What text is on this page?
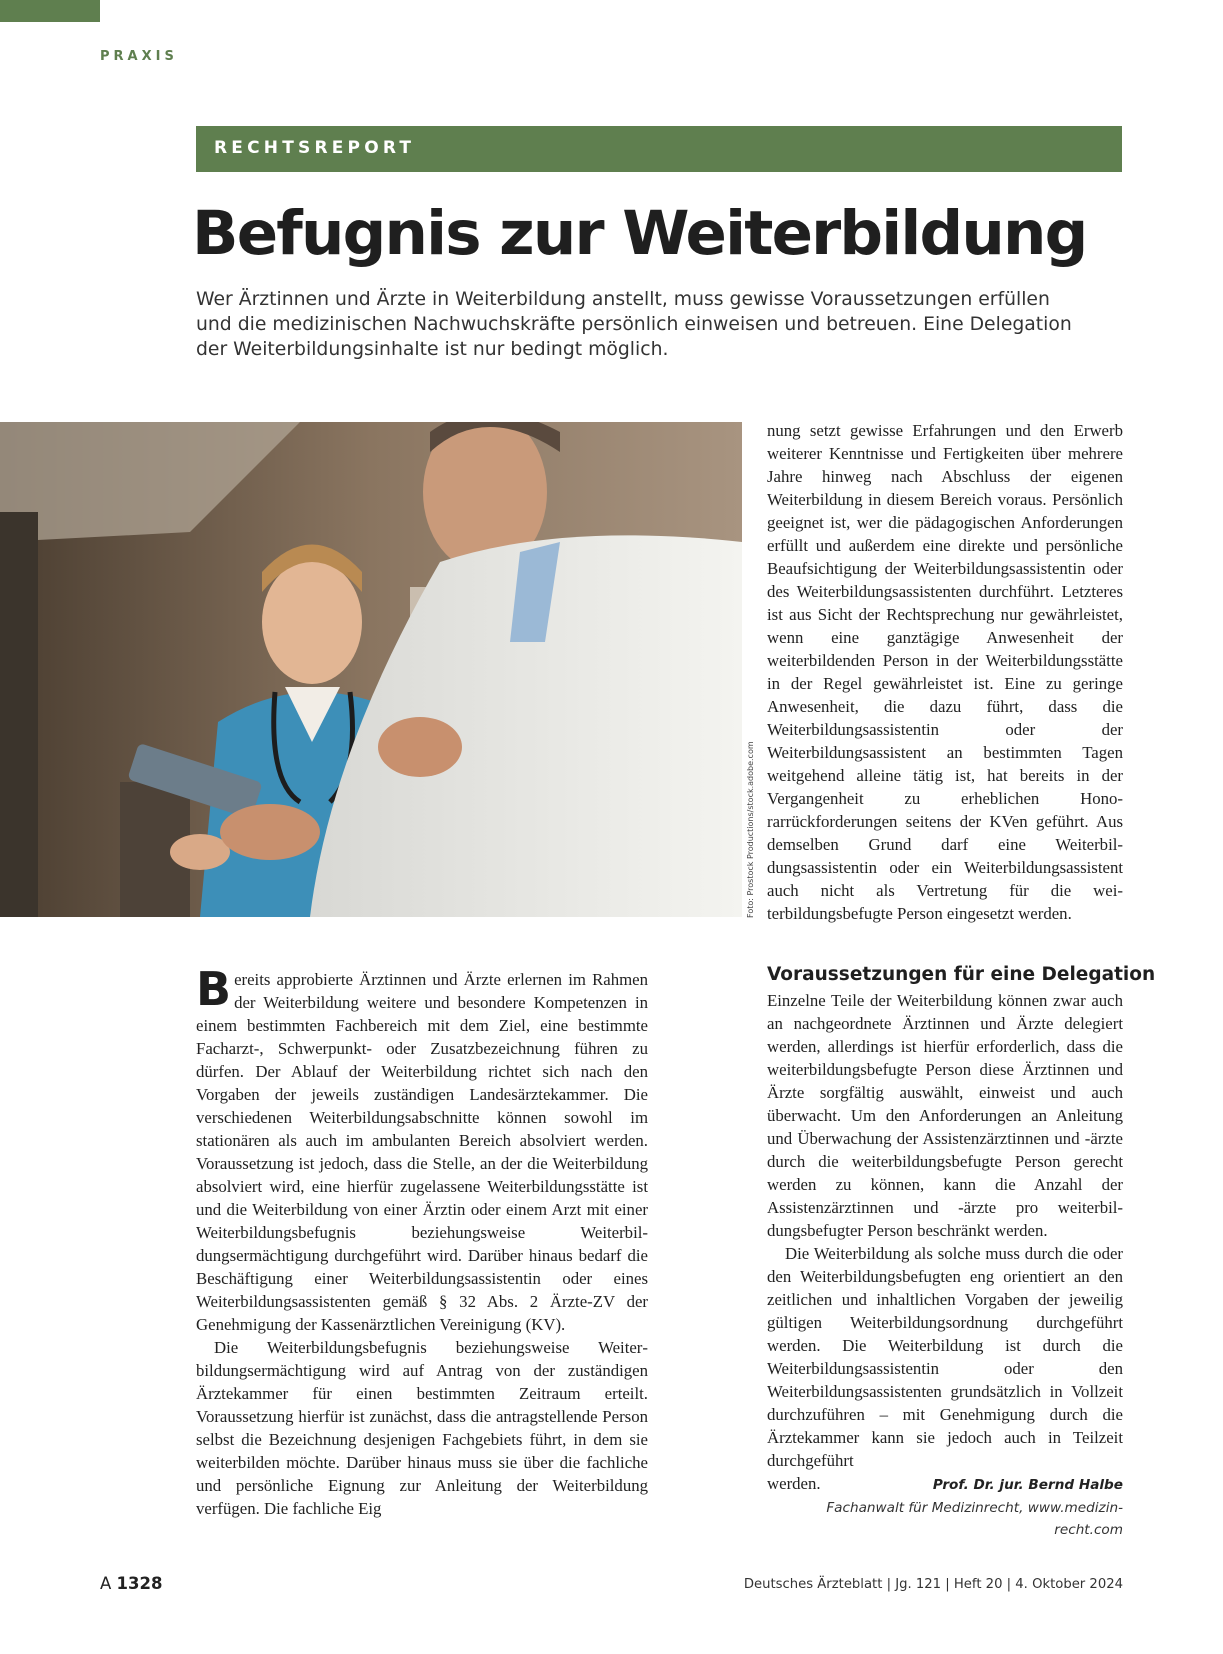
PRAXIS
RECHTSREPORT
Befugnis zur Weiterbildung

Wer Ärztinnen und Ärzte in Weiterbildung anstellt, muss gewisse Voraussetzungen erfüllen und die medizinischen Nachwuchskräfte persönlich einweisen und betreuen. Eine Delegation der Weiterbildungsinhalte ist nur bedingt möglich.

Foto: Prostock Productions/stock.adobe.com

Bereits approbierte Ärztinnen und Ärzte erlernen im Rahmen der Weiterbildung weitere und besondere Kompetenzen in einem bestimmten Fachbereich mit dem Ziel, eine bestimmte Facharzt-, Schwerpunkt- oder Zusatzbezeichnung führen zu dürfen. Der Ablauf der Weiterbildung richtet sich nach den Vorgaben der jeweils zuständigen Landesärztekammer. Die verschiedenen Weiterbildungsabschnitte können sowohl im stationären als auch im ambulanten Bereich absolviert werden. Voraussetzung ist jedoch, dass die Stelle, an der die Weiterbildung absolviert wird, eine hierfür zugelassene Weiterbildungsstätte ist und die Weiterbildung von einer Ärztin oder einem Arzt mit einer Weiterbildungsbefugnis beziehungsweise Weiterbildungsermächtigung durchgeführt wird. Darüber hinaus bedarf die Beschäftigung einer Weiterbildungsassistentin oder eines Weiterbildungsassistenten gemäß § 32 Abs. 2 Ärzte-ZV der Genehmigung der Kassenärztlichen Vereinigung (KV).

Die Weiterbildungsbefugnis beziehungsweise Weiterbildungsermächtigung wird auf Antrag von der zuständigen Ärztekammer für einen bestimmten Zeitraum erteilt. Voraussetzung hierfür ist zunächst, dass die antragstellende Person selbst die Bezeichnung desjenigen Fachgebiets führt, in dem sie weiterbilden möchte. Darüber hinaus muss sie über die fachliche und persönliche Eignung zur Anleitung der Weiterbildung verfügen. Die fachliche Eig

nung setzt gewisse Erfahrungen und den Erwerb weiterer Kenntnisse und Fertigkeiten über mehrere Jahre hinweg nach Abschluss der eigenen Weiterbildung in diesem Bereich voraus. Persönlich geeignet ist, wer die pädagogischen Anforderungen erfüllt und außerdem eine direkte und persönliche Beaufsichtigung der Weiterbildungsassistentin oder des Weiterbildungsassistenten durchführt. Letzteres ist aus Sicht der Rechtsprechung nur gewährleistet, wenn eine ganztägige Anwesenheit der weiterbildenden Person in der Weiterbildungsstätte in der Regel gewährleistet ist. Eine zu geringe Anwesenheit, die dazu führt, dass die Weiterbildungsassistentin oder der Weiterbildungsassistent an bestimmten Tagen weitgehend alleine tätig ist, hat bereits in der Vergangenheit zu erheblichen Honorarrückforderungen seitens der KVen geführt. Aus demselben Grund darf eine Weiterbildungsassistentin oder ein Weiterbildungsassistent auch nicht als Vertretung für die weiterbildungsbefugte Person eingesetzt werden.

Voraussetzungen für eine Delegation

Einzelne Teile der Weiterbildung können zwar auch an nachgeordnete Ärztinnen und Ärzte delegiert werden, allerdings ist hierfür erforderlich, dass die weiterbildungsbefugte Person diese Ärztinnen und Ärzte sorgfältig auswählt, einweist und auch überwacht. Um den Anforderungen an Anleitung und Überwachung der Assistenzärztinnen und -ärzte durch die weiterbildungsbefugte Person gerecht werden zu können, kann die Anzahl der Assistenzärztinnen und -ärzte pro weiterbildungsbefugter Person beschränkt werden.

Die Weiterbildung als solche muss durch die oder den Weiterbildungsbefugten eng orientiert an den zeitlichen und inhaltlichen Vorgaben der jeweilig gültigen Weiterbildungsordnung durchgeführt werden. Die Weiterbildung ist durch die Weiterbildungsassistentin oder den Weiterbildungsassistenten grundsätzlich in Vollzeit durchzuführen – mit Genehmigung durch die Ärztekammer kann sie jedoch auch in Teilzeit durchgeführt

werden.	Prof. Dr. jur. Bernd Halbe
Fachanwalt für Medizinrecht, www.medizin-recht.com
A 1328	Deutsches Ärzteblatt | Jg. 121 | Heft 20 | 4. Oktober 2024
